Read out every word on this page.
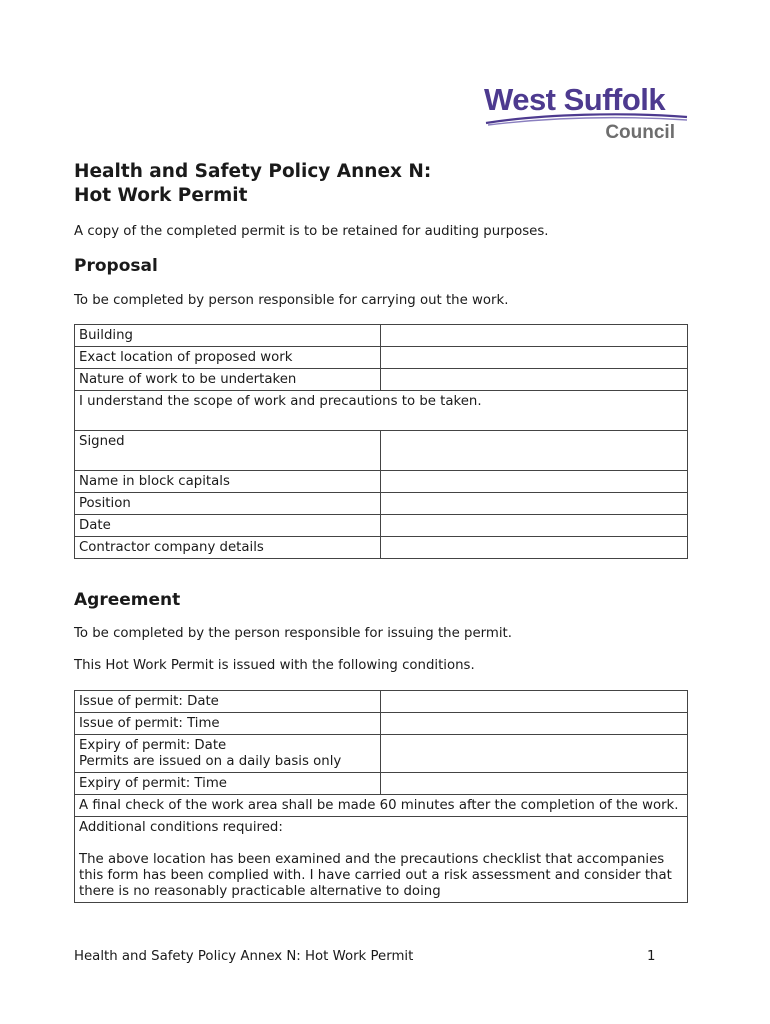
West Suffolk
Council
Health and Safety Policy Annex N:
Hot Work Permit

A copy of the completed permit is to be retained for auditing purposes.

Proposal

To be completed by person responsible for carrying out the work.

Building	
Exact location of proposed work	
Nature of work to be undertaken	
I understand the scope of work and precautions to be taken.	
Signed	
Name in block capitals	
Position	
Date	
Contractor company details	
Agreement

To be completed by the person responsible for issuing the permit.

This Hot Work Permit is issued with the following conditions.

Issue of permit: Date	
Issue of permit: Time	
Expiry of permit: Date
Permits are issued on a daily basis only	
Expiry of permit: Time	
A final check of the work area shall be made 60 minutes after the completion of the work.	
Additional conditions required:
The above location has been examined and the precautions checklist that accompanies this form has been complied with. I have carried out a risk assessment and consider that there is no reasonably practicable alternative to doing	
Health and Safety Policy Annex N: Hot Work Permit	1
